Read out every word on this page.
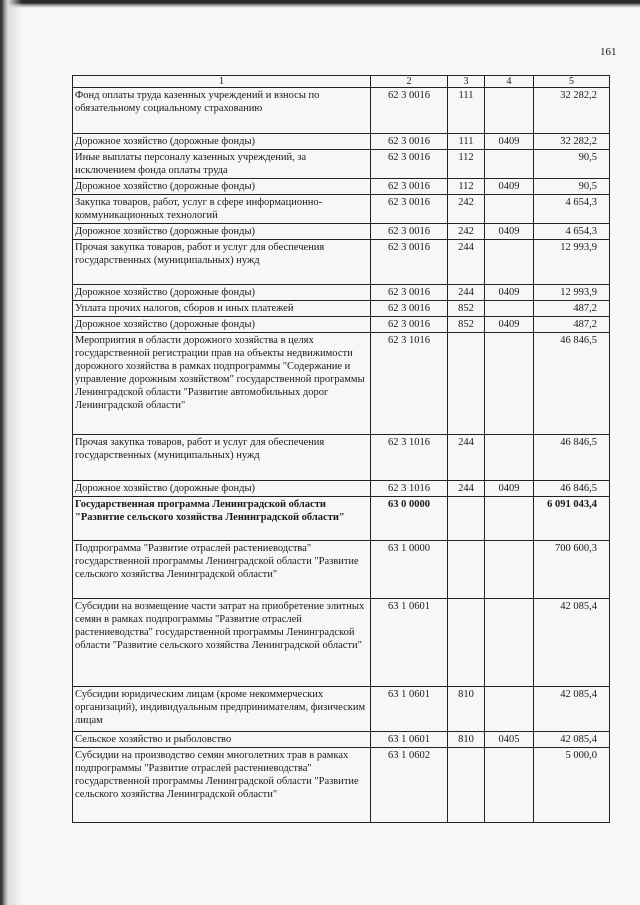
161
1	2	3	4	5
Фонд оплаты труда казенных учреждений и взносы по обязательному социальному страхованию	62 3 0016	111		32 282,2
Дорожное хозяйство (дорожные фонды)	62 3 0016	111	0409	32 282,2
Иные выплаты персоналу казенных учреждений, за исключением фонда оплаты труда	62 3 0016	112		90,5
Дорожное хозяйство (дорожные фонды)	62 3 0016	112	0409	90,5
Закупка товаров, работ, услуг в сфере информационно-коммуникационных технологий	62 3 0016	242		4 654,3
Дорожное хозяйство (дорожные фонды)	62 3 0016	242	0409	4 654,3
Прочая закупка товаров, работ и услуг для обеспечения государственных (муниципальных) нужд	62 3 0016	244		12 993,9
Дорожное хозяйство (дорожные фонды)	62 3 0016	244	0409	12 993,9
Уплата прочих налогов, сборов и иных платежей	62 3 0016	852		487,2
Дорожное хозяйство (дорожные фонды)	62 3 0016	852	0409	487,2
Мероприятия в области дорожного хозяйства в целях государственной регистрации прав на объекты недвижимости дорожного хозяйства в рамках подпрограммы "Содержание и управление дорожным хозяйством" государственной программы Ленинградской области "Развитие автомобильных дорог Ленинградской области"	62 3 1016			46 846,5
Прочая закупка товаров, работ и услуг для обеспечения государственных (муниципальных) нужд	62 3 1016	244		46 846,5
Дорожное хозяйство (дорожные фонды)	62 3 1016	244	0409	46 846,5
Государственная программа Ленинградской области "Развитие сельского хозяйства Ленинградской области"	63 0 0000			6 091 043,4
Подпрограмма "Развитие отраслей растениеводства" государственной программы Ленинградской области "Развитие сельского хозяйства Ленинградской области"	63 1 0000			700 600,3
Субсидии на возмещение части затрат на приобретение элитных семян в рамках подпрограммы "Развитие отраслей растениеводства" государственной программы Ленинградской области "Развитие сельского хозяйства Ленинградской области"	63 1 0601			42 085,4
Субсидии юридическим лицам (кроме некоммерческих организаций), индивидуальным предпринимателям, физическим лицам	63 1 0601	810		42 085,4
Сельское хозяйство и рыболовство	63 1 0601	810	0405	42 085,4
Субсидии на производство семян многолетних трав в рамках подпрограммы "Развитие отраслей растениеводства" государственной программы Ленинградской области "Развитие сельского хозяйства Ленинградской области"	63 1 0602			5 000,0
